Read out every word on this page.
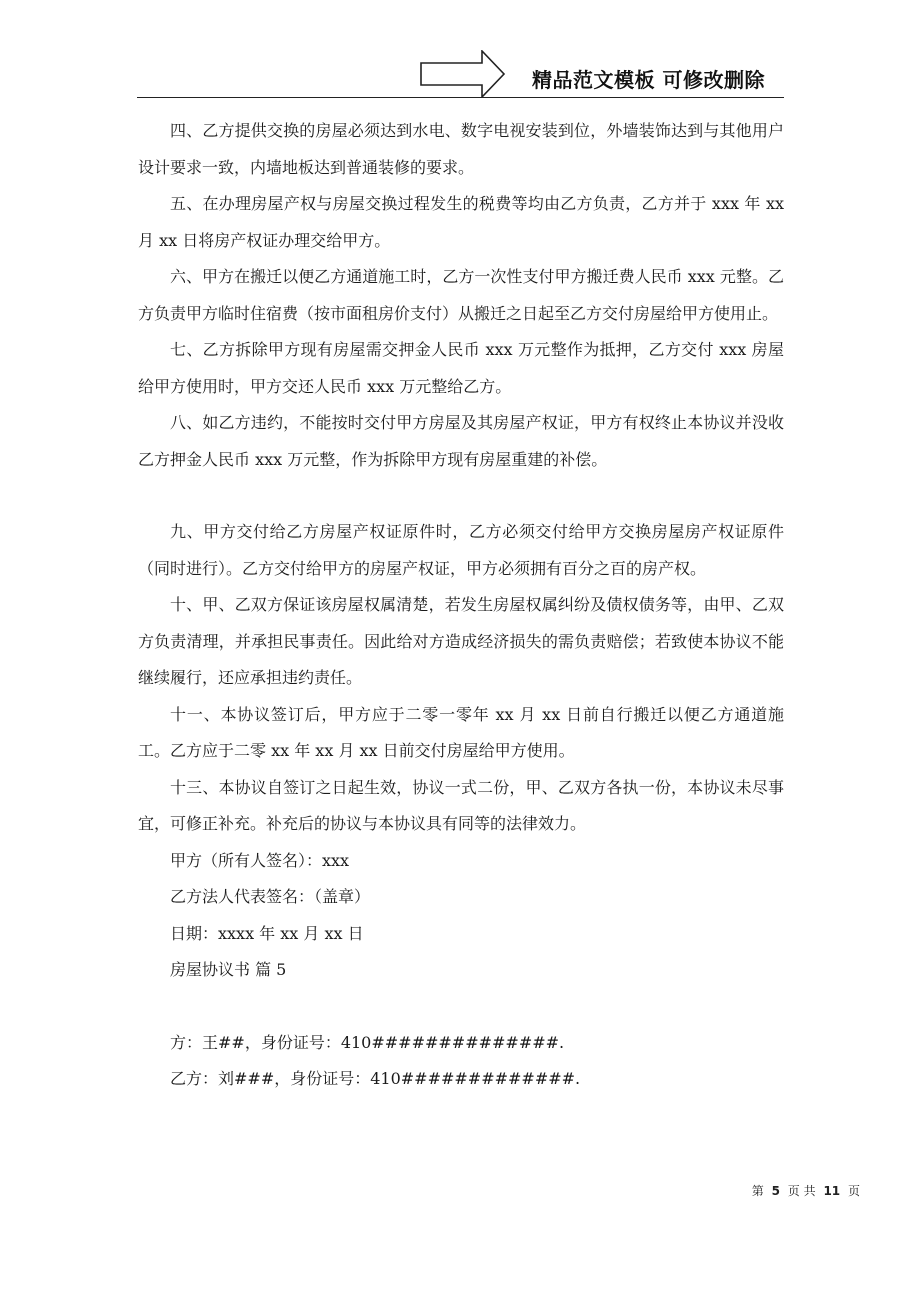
精品范文模板 可修改删除

四、乙方提供交换的房屋必须达到水电、数字电视安装到位，外墙装饰达到与其他用户设计要求一致，内墙地板达到普通装修的要求。

五、在办理房屋产权与房屋交换过程发生的税费等均由乙方负责，乙方并于 xxx 年 xx 月 xx 日将房产权证办理交给甲方。

六、甲方在搬迁以便乙方通道施工时，乙方一次性支付甲方搬迁费人民币 xxx 元整。乙方负责甲方临时住宿费（按市面租房价支付）从搬迁之日起至乙方交付房屋给甲方使用止。

七、乙方拆除甲方现有房屋需交押金人民币 xxx 万元整作为抵押，乙方交付 xxx 房屋给甲方使用时，甲方交还人民币 xxx 万元整给乙方。

八、如乙方违约，不能按时交付甲方房屋及其房屋产权证，甲方有权终止本协议并没收乙方押金人民币 xxx 万元整，作为拆除甲方现有房屋重建的补偿。

九、甲方交付给乙方房屋产权证原件时，乙方必须交付给甲方交换房屋房产权证原件（同时进行）。乙方交付给甲方的房屋产权证，甲方必须拥有百分之百的房产权。

十、甲、乙双方保证该房屋权属清楚，若发生房屋权属纠纷及债权债务等，由甲、乙双方负责清理，并承担民事责任。因此给对方造成经济损失的需负责赔偿；若致使本协议不能继续履行，还应承担违约责任。

十一、本协议签订后，甲方应于二零一零年 xx 月 xx 日前自行搬迁以便乙方通道施工。乙方应于二零 xx 年 xx 月 xx 日前交付房屋给甲方使用。

十三、本协议自签订之日起生效，协议一式二份，甲、乙双方各执一份，本协议未尽事宜，可修正补充。补充后的协议与本协议具有同等的法律效力。

甲方（所有人签名）：xxx

乙方法人代表签名：（盖章）

日期：xxxx 年 xx 月 xx 日

房屋协议书 篇 5

方：王##，身份证号：410##############.

乙方：刘###，身份证号：410#############.

第 5 页 共 11 页
